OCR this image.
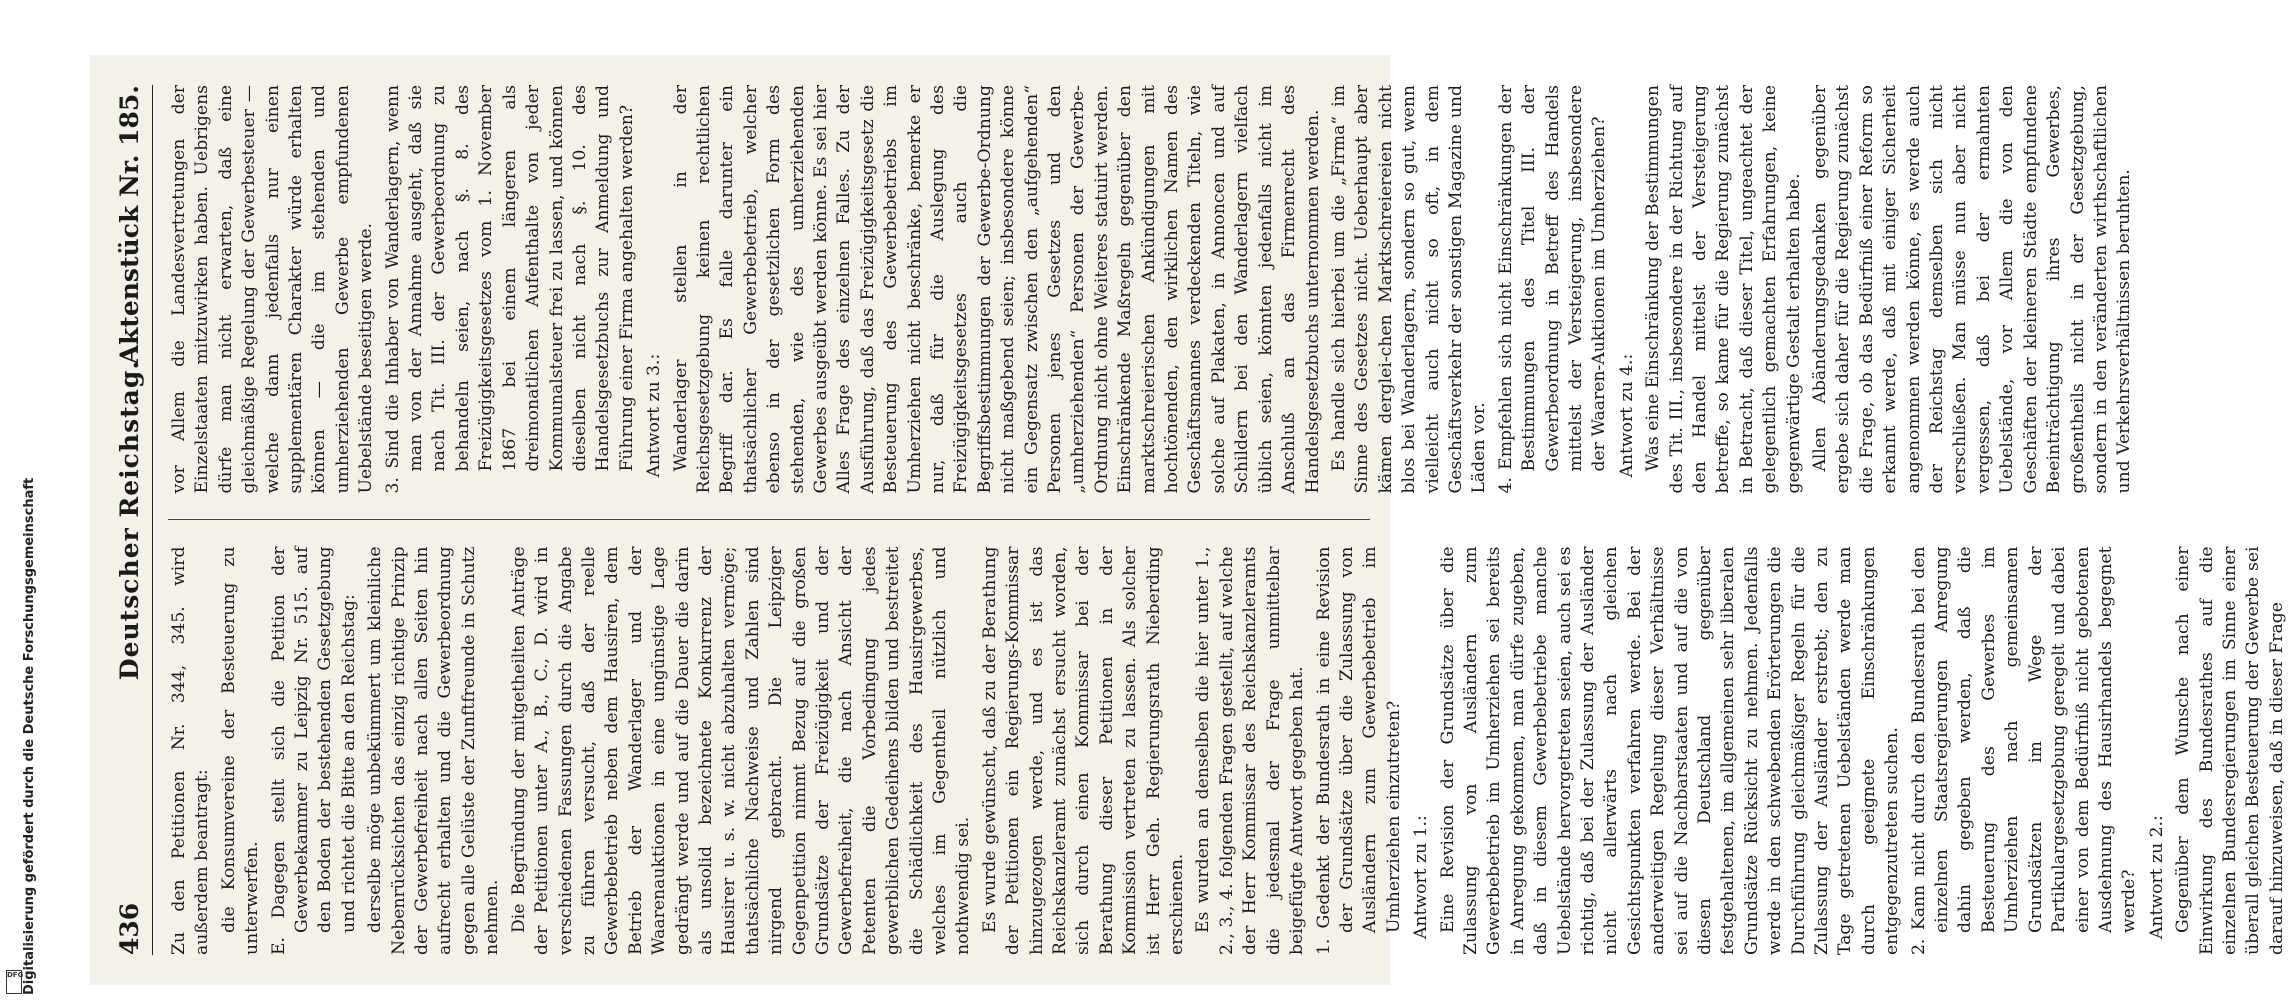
Digitalisierung gefördert durch die Deutsche Forschungsgemeinschaft
DFG
436
Deutscher Reichstag.
Aktenstück Nr. 185.

Zu den Petitionen Nr. 344, 345. wird außerdem beantragt: die Konsumvereine der Besteuerung zu unterwerfen. E. Dagegen stellt sich die Petition der Gewerbekammer zu Leipzig Nr. 515. auf den Boden der bestehenden Gesetzgebung und richtet die Bitte an den Reichstag: derselbe möge unbekümmert um kleinliche Nebenrücksichten das einzig richtige Prinzip der Gewerbefreiheit nach allen Seiten hin aufrecht erhalten und die Gewerbeordnung gegen alle Gelüste der Zunftfreunde in Schutz nehmen. Die Begründung der mitgetheilten Anträge der Petitionen unter A., B., C., D. wird in verschiedenen Fassungen durch die Angabe zu führen versucht, daß der reelle Gewerbebetrieb neben dem Hausiren, dem Betrieb der Wanderlager und der Waarenauktionen in eine ungünstige Lage gedrängt werde und auf die Dauer die darin als unsolid bezeichnete Konkurrenz der Hausirer u. s. w. nicht abzuhalten vermöge; thatsächliche Nachweise und Zahlen sind nirgend gebracht. Die Leipziger Gegenpetition nimmt Bezug auf die großen Grundsätze der Freizügigkeit und der Gewerbefreiheit, die nach Ansicht der Petenten die Vorbedingung jedes gewerblichen Gedeihens bilden und bestreitet die Schädlichkeit des Hausirgewerbes, welches im Gegentheil nützlich und nothwendig sei. Es wurde gewünscht, daß zu der Berathung der Petitionen ein Regierungs-Kommissar hinzugezogen werde, und es ist das Reichskanzleramt zunächst ersucht worden, sich durch einen Kommissar bei der Berathung dieser Petitionen in der Kommission vertreten zu lassen. Als solcher ist Herr Geh. Regierungsrath Nieberding erschienen. Es wurden an denselben die hier unter 1., 2., 3., 4. folgenden Fragen gestellt, auf welche der Herr Kommissar des Reichskanzleramts die jedesmal der Frage unmittelbar beigefügte Antwort gegeben hat. 1. Gedenkt der Bundesrath in eine Revision der Grundsätze über die Zulassung von Ausländern zum Gewerbebetrieb im Umherziehen einzutreten? Antwort zu 1.: Eine Revision der Grundsätze über die Zulassung von Ausländern zum Gewerbebetrieb im Umherziehen sei bereits in Anregung gekommen, man dürfe zugeben, daß in diesem Gewerbebetriebe manche Uebelstände hervorgetreten seien, auch sei es richtig, daß bei der Zulassung der Ausländer nicht allerwärts nach gleichen Gesichtspunkten verfahren werde. Bei der anderweitigen Regelung dieser Verhältnisse sei auf die Nachbarstaaten und auf die von diesen Deutschland gegenüber festgehaltenen, im allgemeinen sehr liberalen Grundsätze Rücksicht zu nehmen. Jedenfalls werde in den schwebenden Erörterungen die Durchführung gleichmäßiger Regeln für die Zulassung der Ausländer erstrebt; den zu Tage getretenen Uebelständen werde man durch geeignete Einschränkungen entgegenzutreten suchen. 2. Kann nicht durch den Bundesrath bei den einzelnen Staatsregierungen Anregung dahin gegeben werden, daß die Besteuerung des Gewerbes im Umherziehen nach gemeinsamen Grundsätzen im Wege der Partikulargesetzgebung geregelt und dabei einer von dem Bedürfniß nicht gebotenen Ausdehnung des Hausirhandels begegnet werde? Antwort zu 2.: Gegenüber dem Wunsche nach einer Einwirkung des Bundesrathes auf die einzelnen Bundesregierungen im Sinne einer überall gleichen Besteuerung der Gewerbe sei darauf hinzuweisen, daß in dieser Frage

vor Allem die Landesvertretungen der Einzelstaaten mitzuwirken haben. Uebrigens dürfe man nicht erwarten, daß eine gleichmäßige Regelung der Gewerbesteuer — welche dann jedenfalls nur einen supplementären Charakter würde erhalten können — die im stehenden und umherziehenden Gewerbe empfundenen Uebelstände beseitigen werde. 3. Sind die Inhaber von Wanderlagern, wenn man von der Annahme ausgeht, daß sie nach Tit. III. der Gewerbeordnung zu behandeln seien, nach §. 8. des Freizügigkeitsgesetzes vom 1. November 1867 bei einem längeren als dreimonatlichen Aufenthalte von jeder Kommunalsteuer frei zu lassen, und können dieselben nicht nach §. 10. des Handelsgesetzbuchs zur Anmeldung und Führung einer Firma angehalten werden? Antwort zu 3.: Wanderlager stellen in der Reichsgesetzgebung keinen rechtlichen Begriff dar. Es falle darunter ein thatsächlicher Gewerbebetrieb, welcher ebenso in der gesetzlichen Form des stehenden, wie des umherziehenden Gewerbes ausgeübt werden könne. Es sei hier Alles Frage des einzelnen Falles. Zu der Ausführung, daß das Freizügigkeitsgesetz die Besteuerung des Gewerbebetriebs im Umherziehen nicht beschränke, bemerke er nur, daß für die Auslegung des Freizügigkeitsgesetzes auch die Begriffsbestimmungen der Gewerbe-Ordnung nicht maßgebend seien; insbesondere könne ein Gegensatz zwischen den „aufgehenden“ Personen jenes Gesetzes und den „umherziehenden“ Personen der Gewerbe-Ordnung nicht ohne Weiteres statuirt werden. Einschränkende Maßregeln gegenüber den marktschreierischen Ankündigungen mit hochtönenden, den wirklichen Namen des Geschäftsmannes verdeckenden Titeln, wie solche auf Plakaten, in Annoncen und auf Schildern bei den Wanderlagern vielfach üblich seien, könnten jedenfalls nicht im Anschluß an das Firmenrecht des Handelsgesetzbuchs unternommen werden. Es handle sich hierbei um die „Firma“ im Sinne des Gesetzes nicht. Ueberhaupt aber kämen derglei-chen Marktschreiereien nicht blos bei Wanderlagern, sondern so gut, wenn vielleicht auch nicht so oft, in dem Geschäftsverkehr der sonstigen Magazine und Läden vor. 4. Empfehlen sich nicht Einschränkungen der Bestimmungen des Titel III. der Gewerbeordnung in Betreff des Handels mittelst der Versteigerung, insbesondere der Waaren-Auktionen im Umherziehen? Antwort zu 4.: Was eine Einschränkung der Bestimmungen des Tit. III., insbesondere in der Richtung auf den Handel mittelst der Versteigerung betreffe, so kame für die Regierung zunächst in Betracht, daß dieser Titel, ungeachtet der gelegentlich gemachten Erfahrungen, keine gegenwärtige Gestalt erhalten habe. Allen Abänderungsgedanken gegenüber ergebe sich daher für die Regierung zunächst die Frage, ob das Bedürfniß einer Reform so erkannt werde, daß mit einiger Sicherheit angenommen werden könne, es werde auch der Reichstag demselben sich nicht verschließen. Man müsse nun aber nicht vergessen, daß bei der ermahnten Uebelstände, vor Allem die von den Geschäften der kleineren Städte empfundene Beeinträchtigung ihres Gewerbes, großentheils nicht in der Gesetzgebung, sondern in den veränderten wirthschaftlichen und Verkehrsverhältnissen beruhten.
